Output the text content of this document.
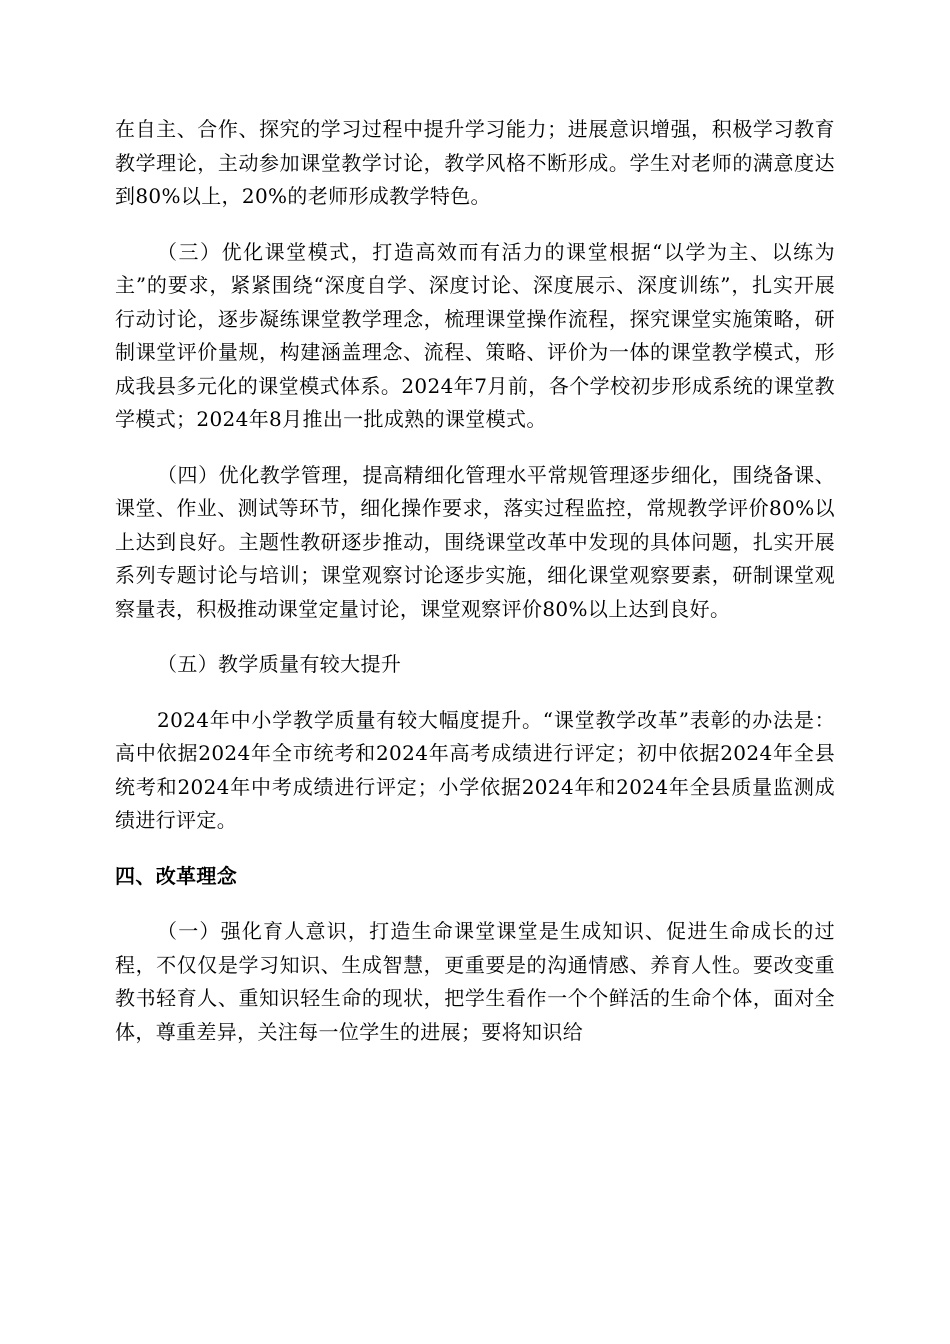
在自主、合作、探究的学习过程中提升学习能力；进展意识增强，积极学习教育教学理论，主动参加课堂教学讨论，教学风格不断形成。学生对老师的满意度达到80%以上，20%的老师形成教学特色。

（三）优化课堂模式，打造高效而有活力的课堂根据“以学为主、以练为主”的要求，紧紧围绕“深度自学、深度讨论、深度展示、深度训练”，扎实开展行动讨论，逐步凝练课堂教学理念，梳理课堂操作流程，探究课堂实施策略，研制课堂评价量规，构建涵盖理念、流程、策略、评价为一体的课堂教学模式，形成我县多元化的课堂模式体系。2024年7月前，各个学校初步形成系统的课堂教学模式；2024年8月推出一批成熟的课堂模式。

（四）优化教学管理，提高精细化管理水平常规管理逐步细化，围绕备课、课堂、作业、测试等环节，细化操作要求，落实过程监控，常规教学评价80%以上达到良好。主题性教研逐步推动，围绕课堂改革中发现的具体问题，扎实开展系列专题讨论与培训；课堂观察讨论逐步实施，细化课堂观察要素，研制课堂观察量表，积极推动课堂定量讨论，课堂观察评价80%以上达到良好。

（五）教学质量有较大提升

2024年中小学教学质量有较大幅度提升。“课堂教学改革”表彰的办法是：高中依据2024年全市统考和2024年高考成绩进行评定；初中依据2024年全县统考和2024年中考成绩进行评定；小学依据2024年和2024年全县质量监测成绩进行评定。

四、改革理念

（一）强化育人意识，打造生命课堂课堂是生成知识、促进生命成长的过程，不仅仅是学习知识、生成智慧，更重要是的沟通情感、养育人性。要改变重教书轻育人、重知识轻生命的现状，把学生看作一个个鲜活的生命个体，面对全体，尊重差异，关注每一位学生的进展；要将知识给
